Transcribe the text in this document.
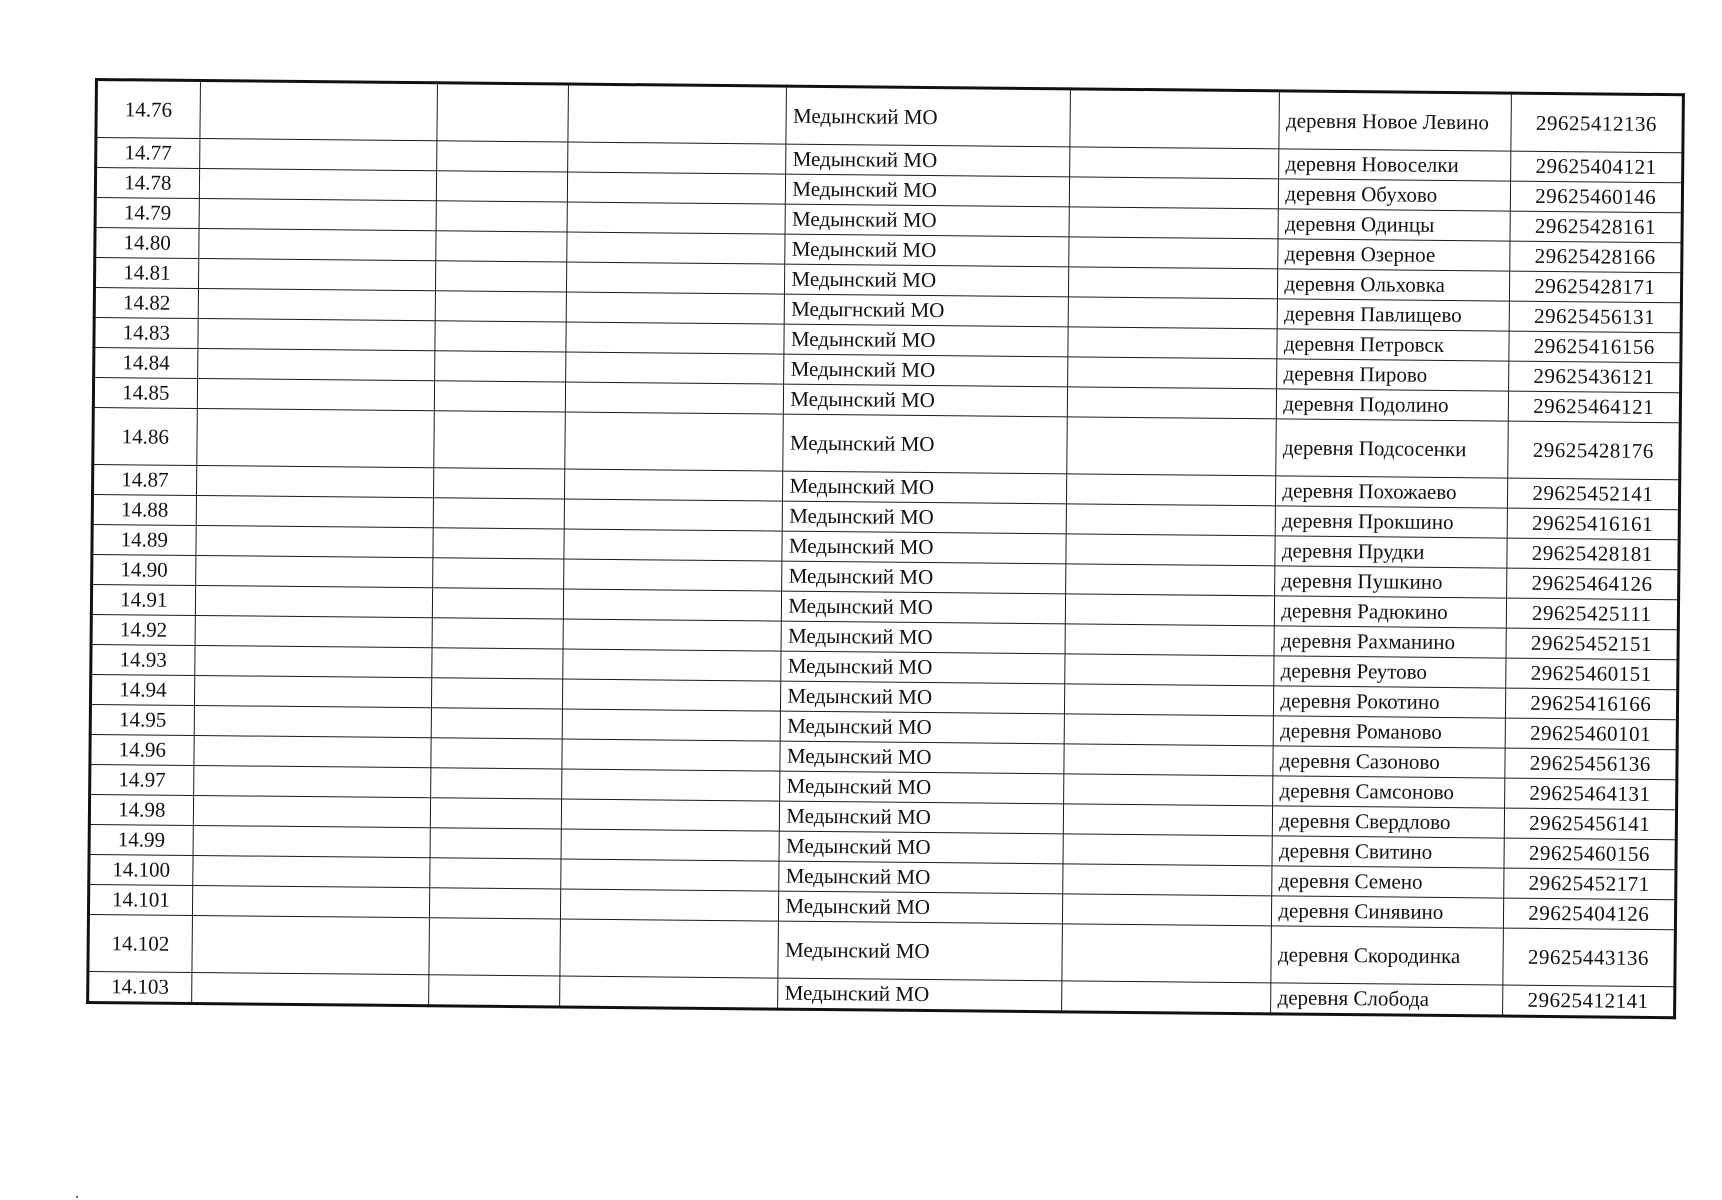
14.76				Медынский МО		деревня Новое Левино	29625412136
14.77				Медынский МО		деревня Новоселки	29625404121
14.78				Медынский МО		деревня Обухово	29625460146
14.79				Медынский МО		деревня Одинцы	29625428161
14.80				Медынский МО		деревня Озерное	29625428166
14.81				Медынский МО		деревня Ольховка	29625428171
14.82				Медыгнский МО		деревня Павлищево	29625456131
14.83				Медынский МО		деревня Петровск	29625416156
14.84				Медынский МО		деревня Пирово	29625436121
14.85				Медынский МО		деревня Подолино	29625464121
14.86				Медынский МО		деревня Подсосенки	29625428176
14.87				Медынский МО		деревня Похожаево	29625452141
14.88				Медынский МО		деревня Прокшино	29625416161
14.89				Медынский МО		деревня Прудки	29625428181
14.90				Медынский МО		деревня Пушкино	29625464126
14.91				Медынский МО		деревня Радюкино	29625425111
14.92				Медынский МО		деревня Рахманино	29625452151
14.93				Медынский МО		деревня Реутово	29625460151
14.94				Медынский МО		деревня Рокотино	29625416166
14.95				Медынский МО		деревня Романово	29625460101
14.96				Медынский МО		деревня Сазоново	29625456136
14.97				Медынский МО		деревня Самсоново	29625464131
14.98				Медынский МО		деревня Свердлово	29625456141
14.99				Медынский МО		деревня Свитино	29625460156
14.100				Медынский МО		деревня Семено	29625452171
14.101				Медынский МО		деревня Синявино	29625404126
14.102				Медынский МО		деревня Скородинка	29625443136
14.103				Медынский МО		деревня Слобода	29625412141
